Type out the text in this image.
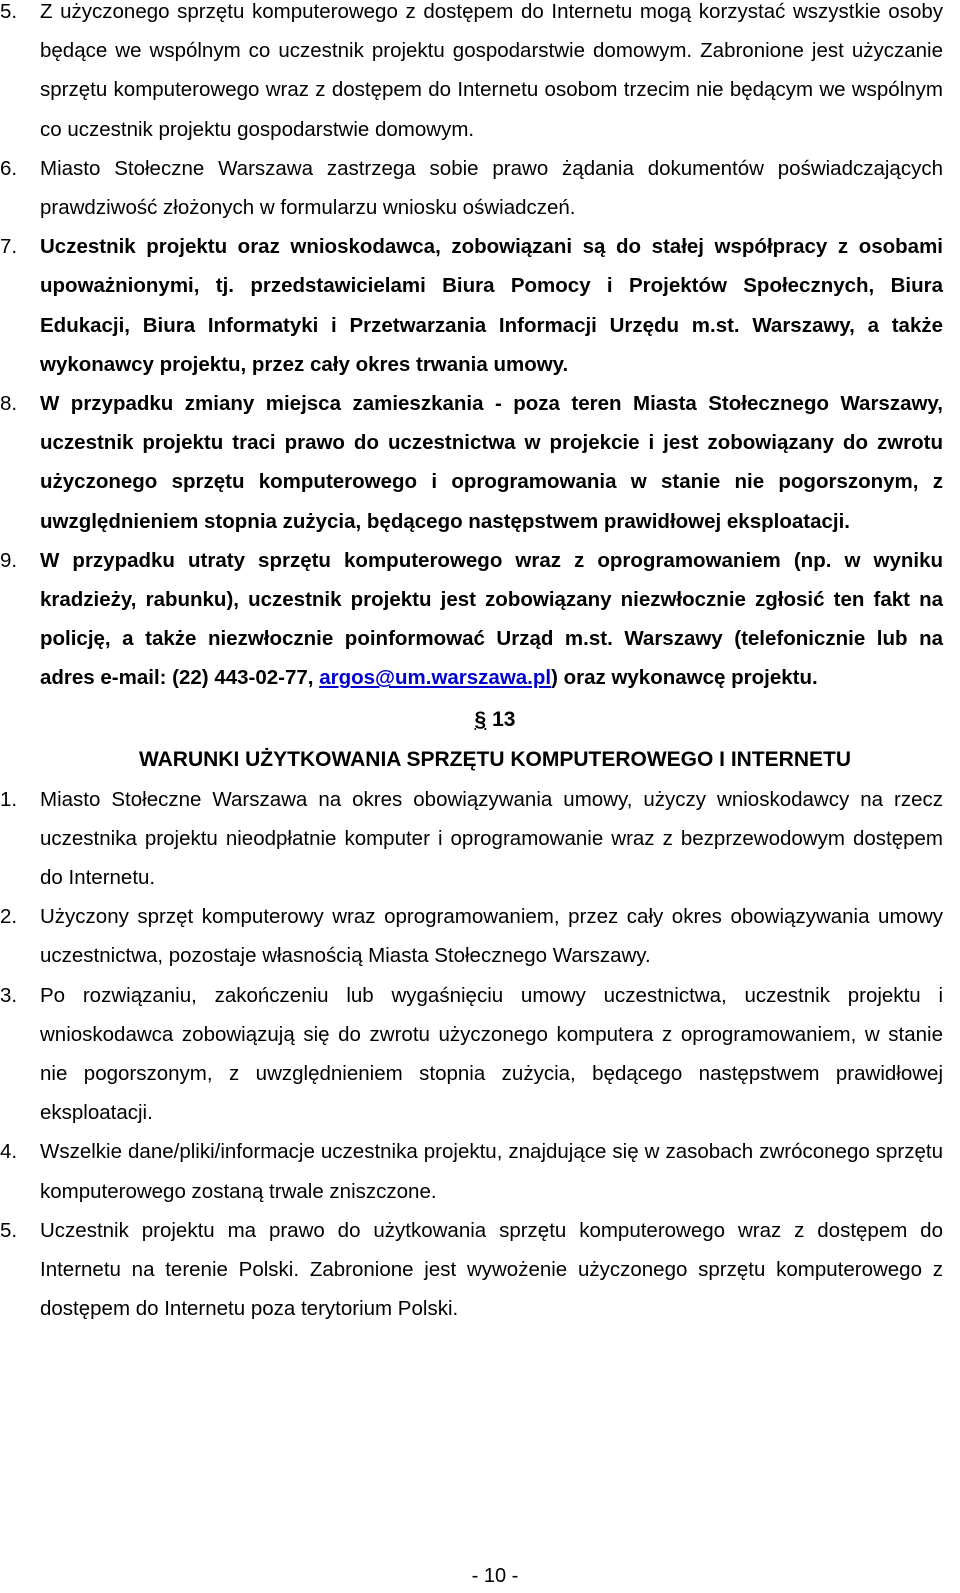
5. Z użyczonego sprzętu komputerowego z dostępem do Internetu mogą korzystać wszystkie osoby będące we wspólnym co uczestnik projektu gospodarstwie domowym. Zabronione jest użyczanie sprzętu komputerowego wraz z dostępem do Internetu osobom trzecim nie będącym we wspólnym co uczestnik projektu gospodarstwie domowym.
6. Miasto Stołeczne Warszawa zastrzega sobie prawo żądania dokumentów poświadczających prawdziwość złożonych w formularzu wniosku oświadczeń.
7. Uczestnik projektu oraz wnioskodawca, zobowiązani są do stałej współpracy z osobami upoważnionymi, tj. przedstawicielami Biura Pomocy i Projektów Społecznych, Biura Edukacji, Biura Informatyki i Przetwarzania Informacji Urzędu m.st. Warszawy, a także wykonawcy projektu, przez cały okres trwania umowy.
8. W przypadku zmiany miejsca zamieszkania - poza teren Miasta Stołecznego Warszawy, uczestnik projektu traci prawo do uczestnictwa w projekcie i jest zobowiązany do zwrotu użyczonego sprzętu komputerowego i oprogramowania w stanie nie pogorszonym, z uwzględnieniem stopnia zużycia, będącego następstwem prawidłowej eksploatacji.
9. W przypadku utraty sprzętu komputerowego wraz z oprogramowaniem (np. w wyniku kradzieży, rabunku), uczestnik projektu jest zobowiązany niezwłocznie zgłosić ten fakt na policję, a także niezwłocznie poinformować Urząd m.st. Warszawy (telefonicznie lub na adres e-mail: (22) 443-02-77, argos@um.warszawa.pl) oraz wykonawcę projektu.
§ 13
WARUNKI UŻYTKOWANIA SPRZĘTU KOMPUTEROWEGO I INTERNETU
1. Miasto Stołeczne Warszawa na okres obowiązywania umowy, użyczy wnioskodawcy na rzecz uczestnika projektu nieodpłatnie komputer i oprogramowanie wraz z bezprzewodowym dostępem do Internetu.
2. Użyczony sprzęt komputerowy wraz oprogramowaniem, przez cały okres obowiązywania umowy uczestnictwa, pozostaje własnością Miasta Stołecznego Warszawy.
3. Po rozwiązaniu, zakończeniu lub wygaśnięciu umowy uczestnictwa, uczestnik projektu i wnioskodawca zobowiązują się do zwrotu użyczonego komputera z oprogramowaniem, w stanie nie pogorszonym, z uwzględnieniem stopnia zużycia, będącego następstwem prawidłowej eksploatacji.
4. Wszelkie dane/pliki/informacje uczestnika projektu, znajdujące się w zasobach zwróconego sprzętu komputerowego zostaną trwale zniszczone.
5. Uczestnik projektu ma prawo do użytkowania sprzętu komputerowego wraz z dostępem do Internetu na terenie Polski. Zabronione jest wywożenie użyczonego sprzętu komputerowego z dostępem do Internetu poza terytorium Polski.
- 10 -
